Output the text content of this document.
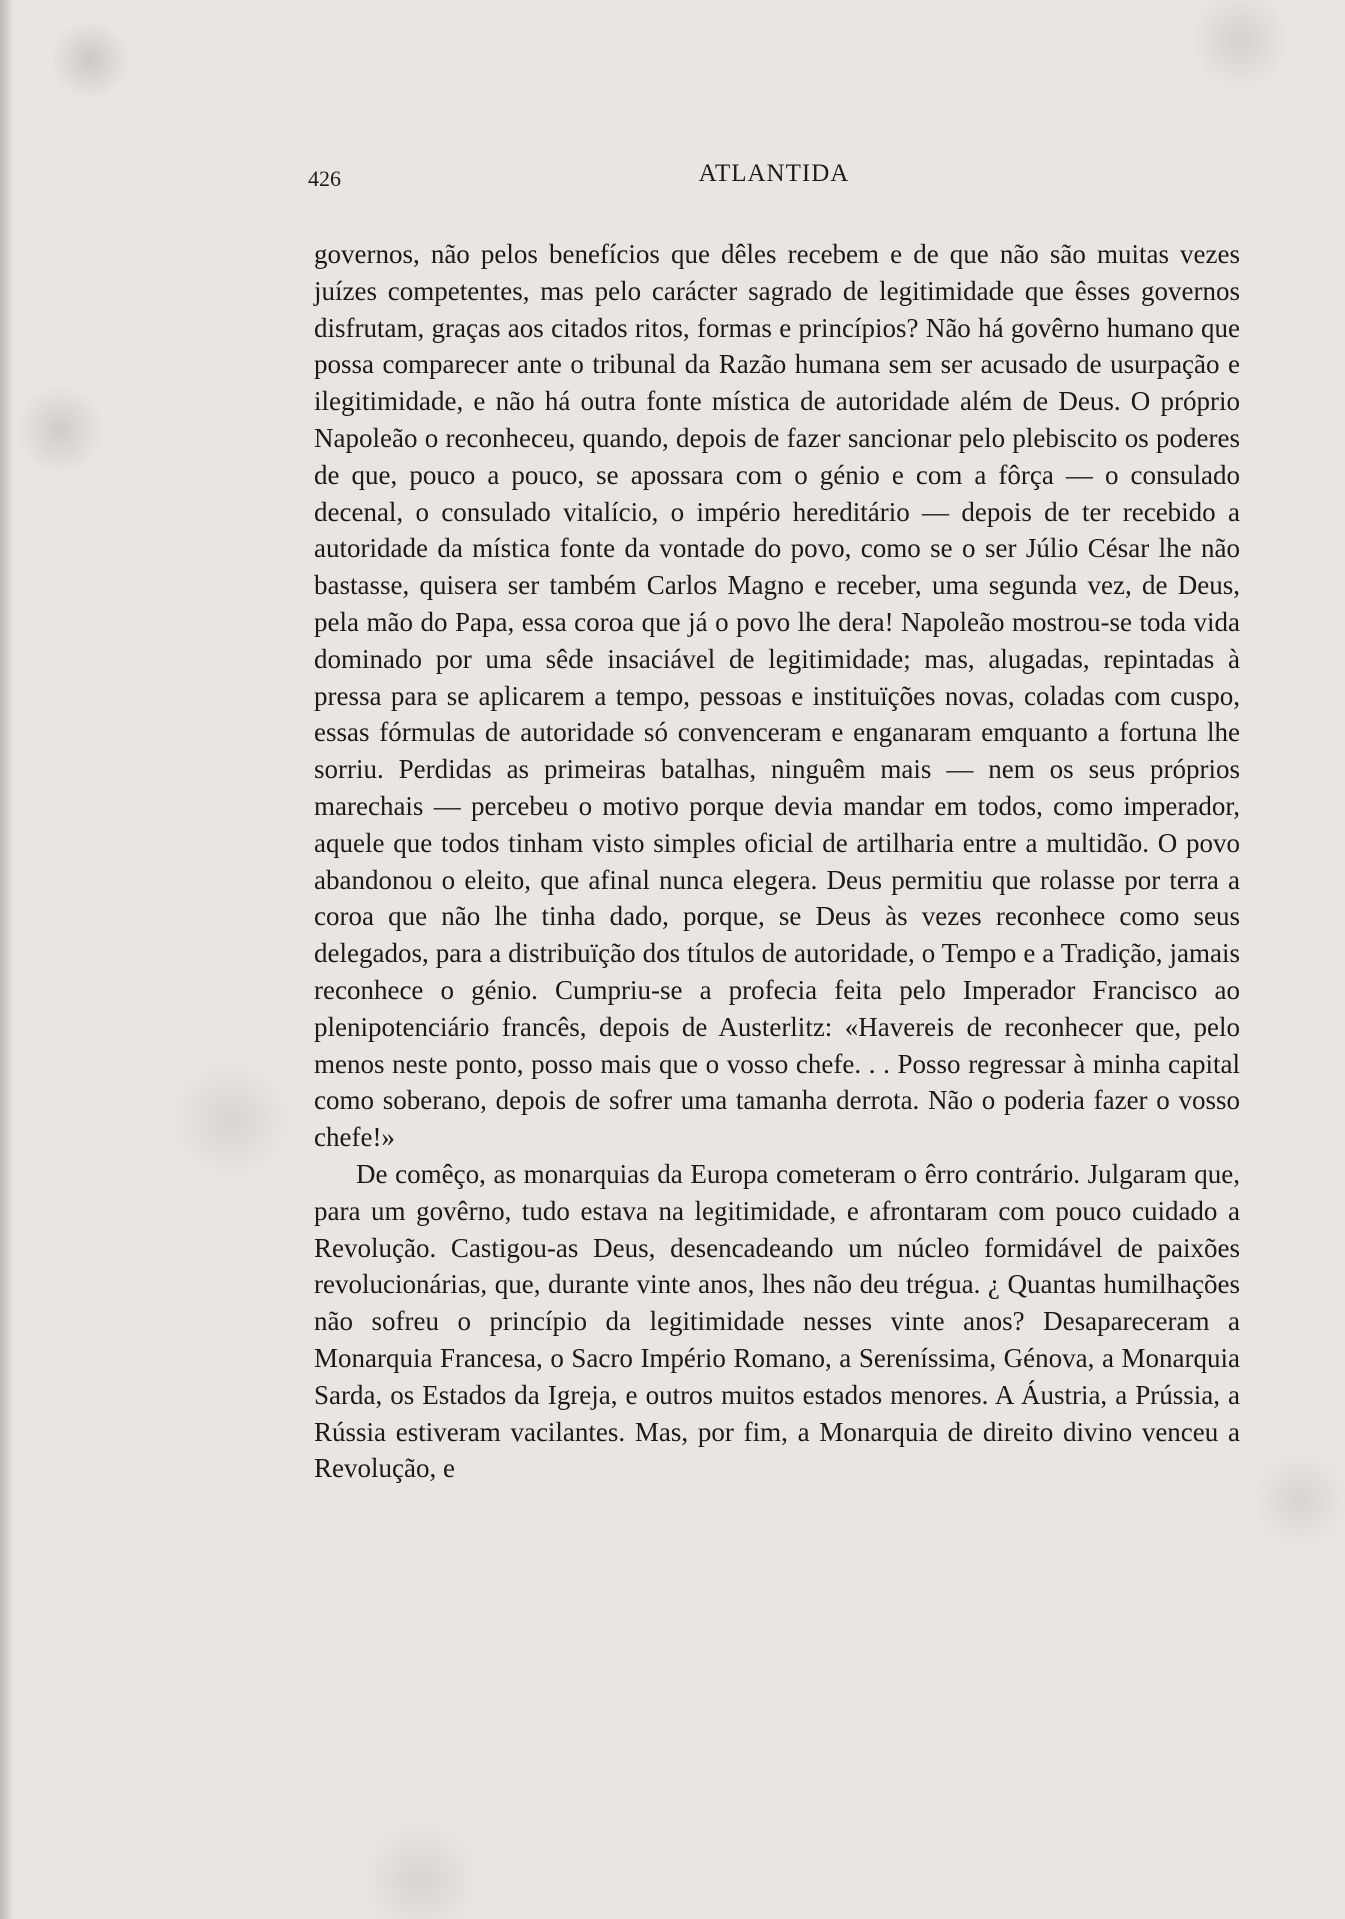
426	ATLANTIDA

governos, não pelos benefícios que dêles recebem e de que não são muitas vezes juízes competentes, mas pelo carácter sagrado de legitimidade que êsses governos disfrutam, graças aos citados ritos, formas e princípios? Não há govêrno humano que possa comparecer ante o tribunal da Razão humana sem ser acusado de usurpação e ilegitimidade, e não há outra fonte mística de autoridade além de Deus. O próprio Napoleão o reconheceu, quando, depois de fazer sancionar pelo plebiscito os poderes de que, pouco a pouco, se apossara com o génio e com a fôrça — o consulado decenal, o consulado vitalício, o império hereditário — depois de ter recebido a autoridade da mística fonte da vontade do povo, como se o ser Júlio César lhe não bastasse, quisera ser também Carlos Magno e receber, uma segunda vez, de Deus, pela mão do Papa, essa coroa que já o povo lhe dera! Napoleão mostrou-se toda vida dominado por uma sêde insaciável de legitimidade; mas, alugadas, repintadas à pressa para se aplicarem a tempo, pessoas e instituïções novas, coladas com cuspo, essas fórmulas de autoridade só convenceram e enganaram emquanto a fortuna lhe sorriu. Perdidas as primeiras batalhas, ninguêm mais — nem os seus próprios marechais — percebeu o motivo porque devia mandar em todos, como imperador, aquele que todos tinham visto simples oficial de artilharia entre a multidão. O povo abandonou o eleito, que afinal nunca elegera. Deus permitiu que rolasse por terra a coroa que não lhe tinha dado, porque, se Deus às vezes reconhece como seus delegados, para a distribuïção dos títulos de autoridade, o Tempo e a Tradição, jamais reconhece o génio. Cumpriu-se a profecia feita pelo Imperador Francisco ao plenipotenciário francês, depois de Austerlitz: «Havereis de reconhecer que, pelo menos neste ponto, posso mais que o vosso chefe. . . Posso regressar à minha capital como soberano, depois de sofrer uma tamanha derrota. Não o poderia fazer o vosso chefe!»

De comêço, as monarquias da Europa cometeram o êrro contrário. Julgaram que, para um govêrno, tudo estava na legitimidade, e afrontaram com pouco cuidado a Revolução. Castigou-as Deus, desencadeando um núcleo formidável de paixões revolucionárias, que, durante vinte anos, lhes não deu trégua. ¿ Quantas humilhações não sofreu o princípio da legitimidade nesses vinte anos? Desapareceram a Monarquia Francesa, o Sacro Império Romano, a Sereníssima, Génova, a Monarquia Sarda, os Estados da Igreja, e outros muitos estados menores. A Áustria, a Prússia, a Rússia estiveram vacilantes. Mas, por fim, a Monarquia de direito divino venceu a Revolução, e
